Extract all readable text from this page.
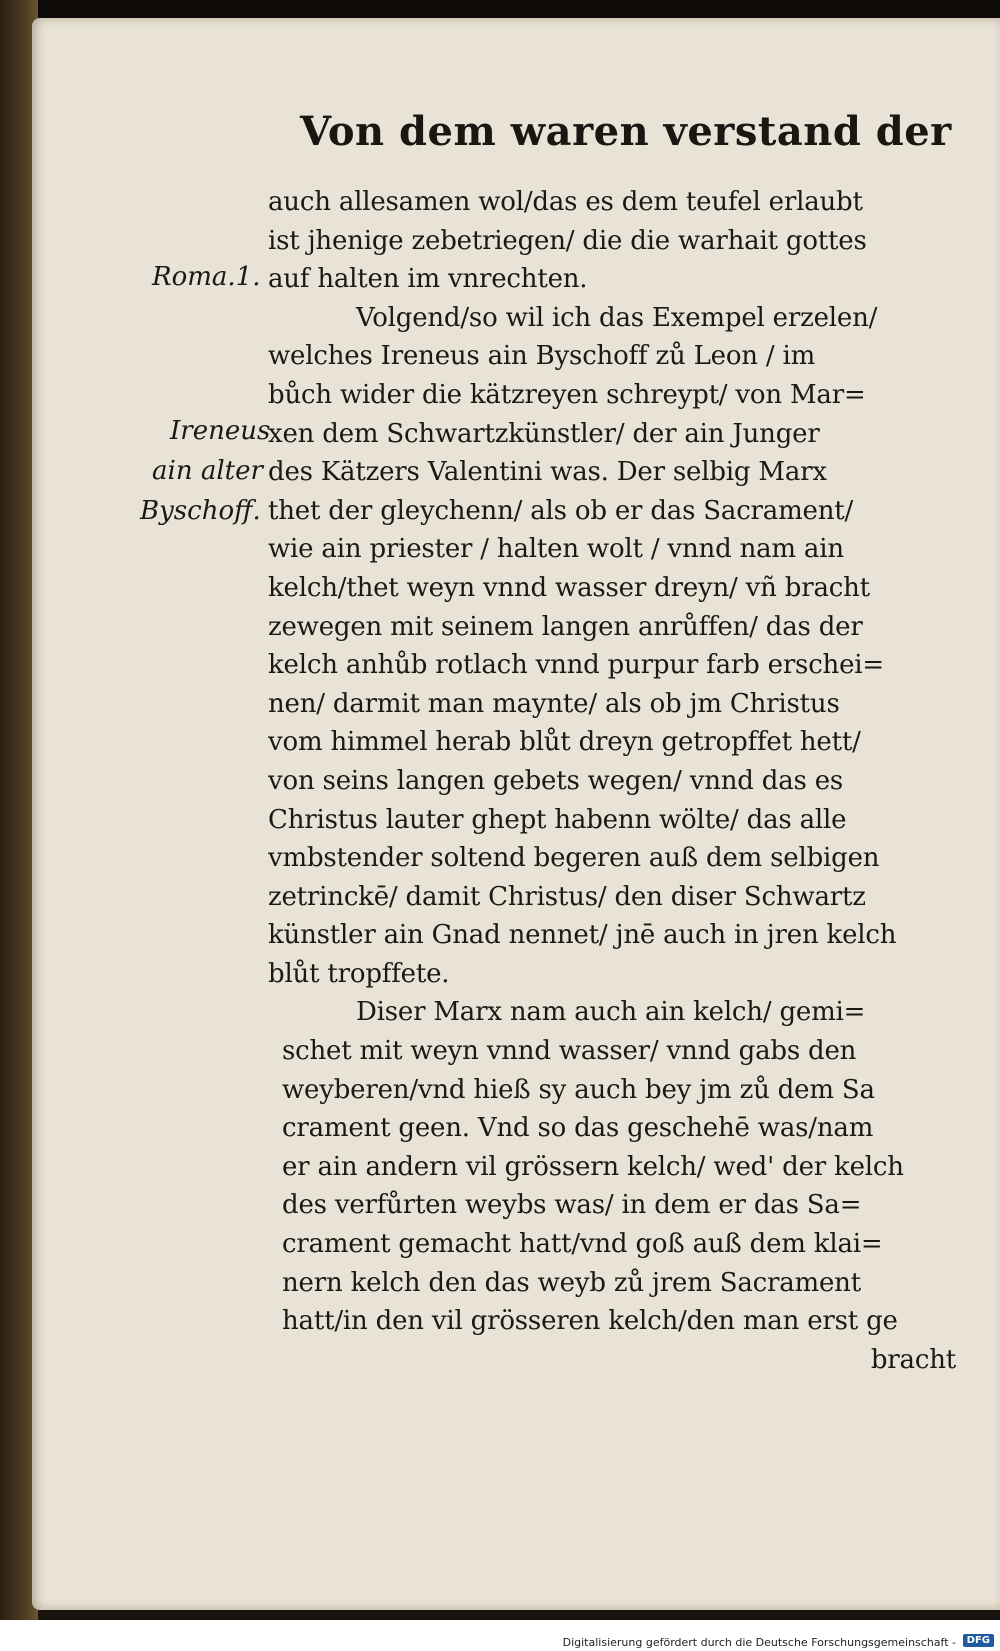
Von dem waren verstand der
auch allesamen wol/das es dem teufel erlaubt
ist jhenige zebetriegen/ die die warhait gottes
auf halten im vnrechten.
Volgend/so wil ich das Exempel erzelen/
welches Ireneus ain Byschoff zů Leon / im
bůch wider die kätzreyen schreypt/ von Mar=
xen dem Schwartzkünstler/ der ain Junger
des Kätzers Valentini was. Der selbig Marx
thet der gleychenn/ als ob er das Sacrament/
wie ain priester / halten wolt / vnnd nam ain
kelch/thet weyn vnnd wasser dreyn/ vñ bracht
zewegen mit seinem langen anrůffen/ das der
kelch anhůb rotlach vnnd purpur farb erschei=
nen/ darmit man maynte/ als ob jm Christus
vom himmel herab blůt dreyn getropffet hett/
von seins langen gebets wegen/ vnnd das es
Christus lauter ghept habenn wölte/ das alle
vmbstender soltend begeren auß dem selbigen
zetrinckē/ damit Christus/ den diser Schwartz
künstler ain Gnad nennet/ jnē auch in jren kelch
blůt tropffete.
Diser Marx nam auch ain kelch/ gemi=
schet mit weyn vnnd wasser/ vnnd gabs den
weyberen/vnd hieß sy auch bey jm zů dem Sa
crament geen. Vnd so das geschehē was/nam
er ain andern vil grössern kelch/ wed' der kelch
des verfůrten weybs was/ in dem er das Sa=
crament gemacht hatt/vnd goß auß dem klai=
nern kelch den das weyb zů jrem Sacrament
hatt/in den vil grösseren kelch/den man erst ge
bracht
Roma.1.
Ireneus
ain alter
Byschoff.
Digitalisierung gefördert durch die Deutsche Forschungsgemeinschaft -	DFG
